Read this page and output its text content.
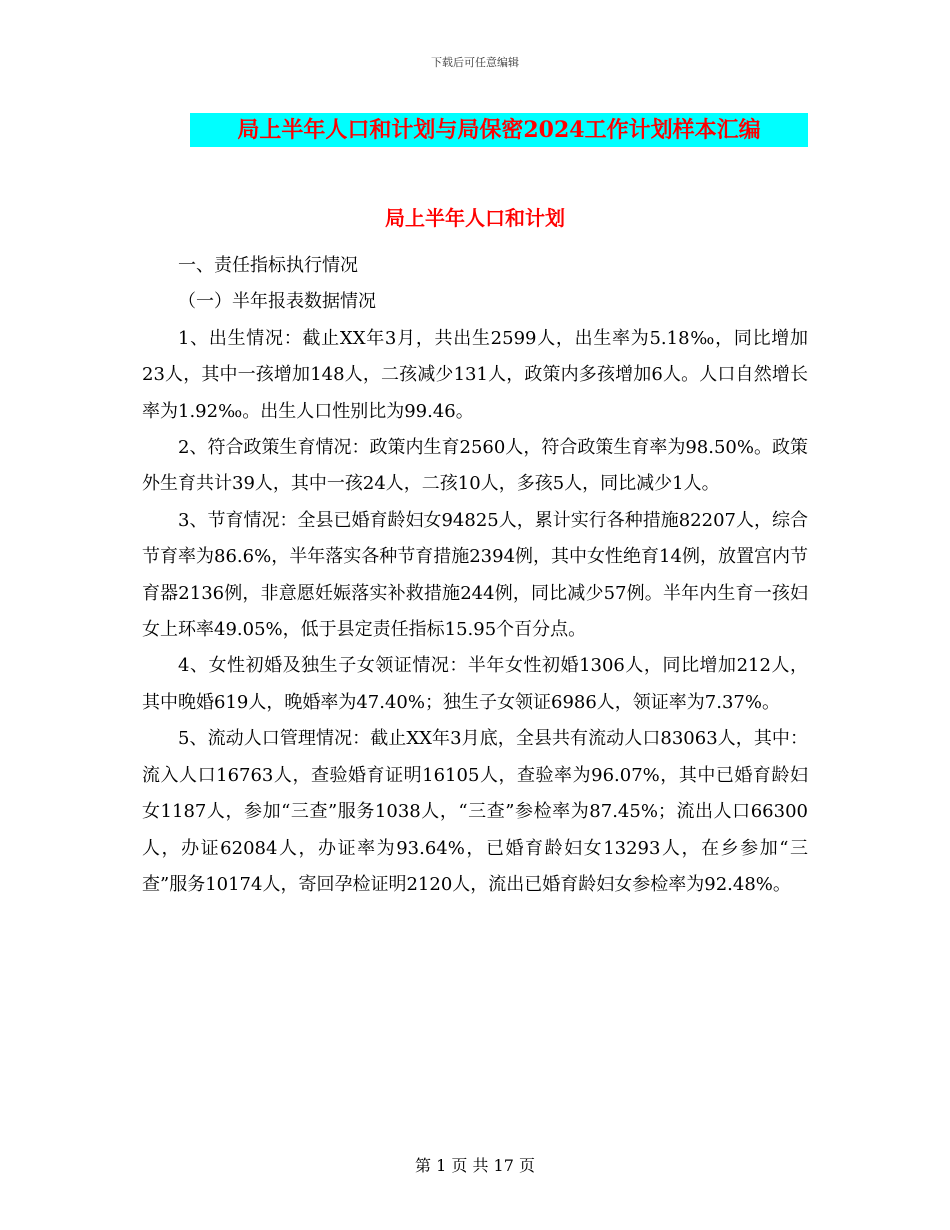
下载后可任意编辑
局上半年人口和计划与局保密2024工作计划样本汇编
局上半年人口和计划

一、责任指标执行情况

（一）半年报表数据情况

1、出生情况：截止XX年3月，共出生2599人，出生率为5.18‰，同比增加23人，其中一孩增加148人，二孩减少131人，政策内多孩增加6人。人口自然增长率为1.92‰。出生人口性别比为99.46。

2、符合政策生育情况：政策内生育2560人，符合政策生育率为98.50%。政策外生育共计39人，其中一孩24人，二孩10人，多孩5人，同比减少1人。

3、节育情况：全县已婚育龄妇女94825人，累计实行各种措施82207人，综合节育率为86.6%，半年落实各种节育措施2394例，其中女性绝育14例，放置宫内节育器2136例，非意愿妊娠落实补救措施244例，同比减少57例。半年内生育一孩妇女上环率49.05%，低于县定责任指标15.95个百分点。

4、女性初婚及独生子女领证情况：半年女性初婚1306人，同比增加212人，其中晚婚619人，晚婚率为47.40%；独生子女领证6986人，领证率为7.37%。

5、流动人口管理情况：截止XX年3月底，全县共有流动人口83063人，其中：流入人口16763人，查验婚育证明16105人，查验率为96.07%，其中已婚育龄妇女1187人，参加“三查”服务1038人，“三查”参检率为87.45%；流出人口66300人，办证62084人，办证率为93.64%，已婚育龄妇女13293人，在乡参加“三查”服务10174人，寄回孕检证明2120人，流出已婚育龄妇女参检率为92.48%。

第 1 页 共 17 页
